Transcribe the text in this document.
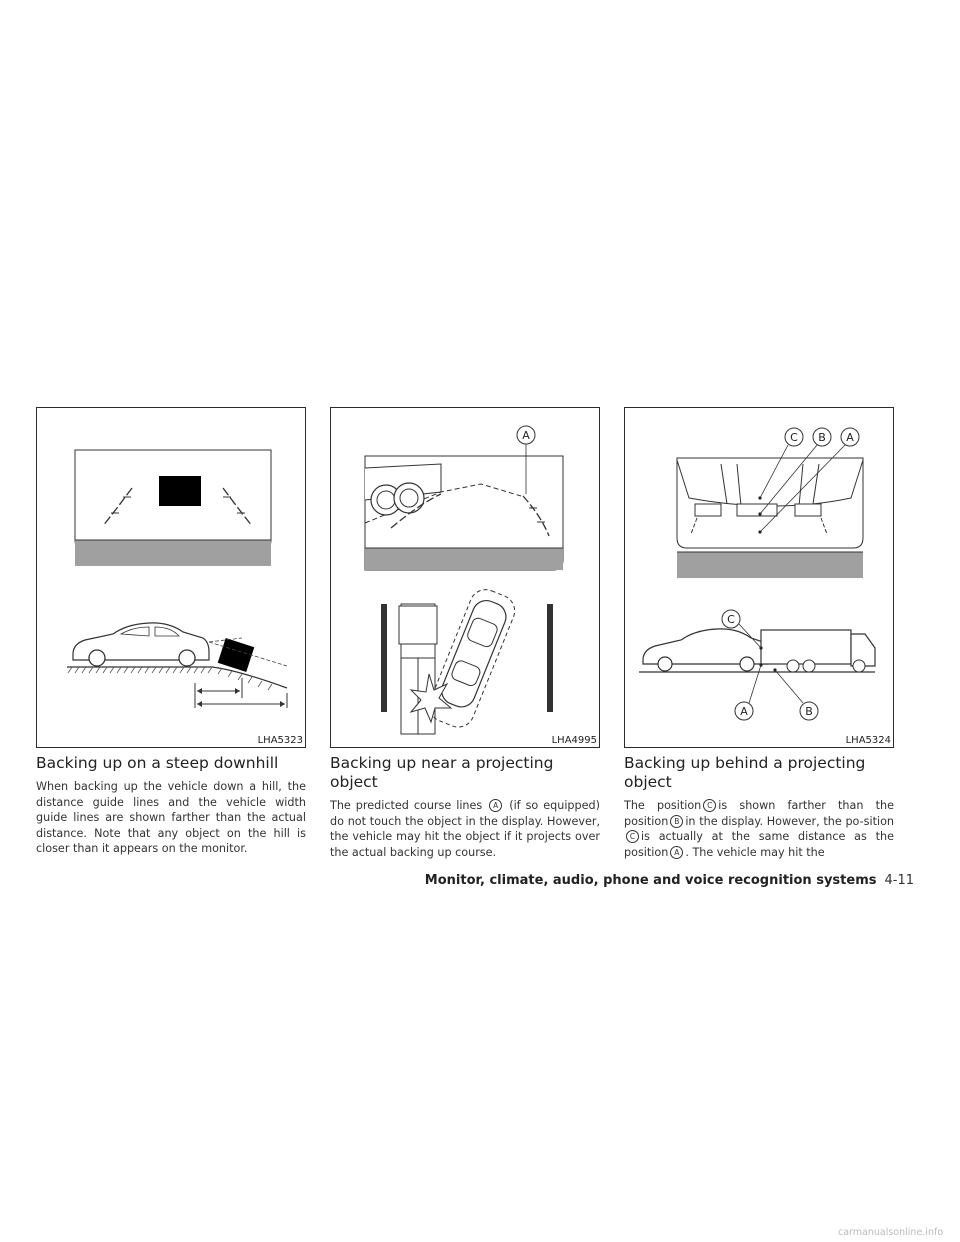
LHA5323
A
LHA4995
C B A
C
A	B
LHA5324
Backing up on a steep downhill

When backing up the vehicle down a hill, the distance guide lines and the vehicle width guide lines are shown farther than the actual distance. Note that any object on the hill is closer than it appears on the monitor.

Backing up near a projecting
object

The predicted course lines A (if so equipped) do not touch the object in the display. However, the vehicle may hit the object if it projects over the actual backing up course.

Backing up behind a projecting
object

The position C is shown farther than the position B in the display. However, the po-sitionC is actually at the same distance as the position A . The vehicle may hit the

Monitor, climate, audio, phone and voice recognition systems 4-11
carmanualsonline.info
